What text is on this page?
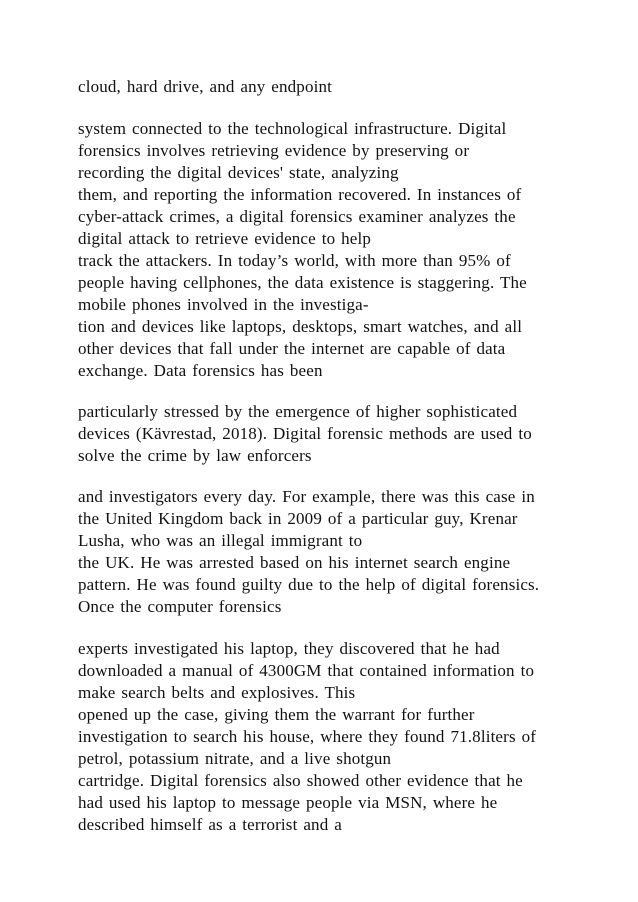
cloud, hard drive, and any endpoint
system connected to the technological infrastructure. Digital
forensics involves retrieving evidence by preserving or
recording the digital devices' state, analyzing
them, and reporting the information recovered. In instances of
cyber-attack crimes, a digital forensics examiner analyzes the
digital attack to retrieve evidence to help
track the attackers. In today’s world, with more than 95% of
people having cellphones, the data existence is staggering. The
mobile phones involved in the investiga-
tion and devices like laptops, desktops, smart watches, and all
other devices that fall under the internet are capable of data
exchange. Data forensics has been
particularly stressed by the emergence of higher sophisticated
devices (Kävrestad, 2018). Digital forensic methods are used to
solve the crime by law enforcers
and investigators every day. For example, there was this case in
the United Kingdom back in 2009 of a particular guy, Krenar
Lusha, who was an illegal immigrant to
the UK. He was arrested based on his internet search engine
pattern. He was found guilty due to the help of digital forensics.
Once the computer forensics
experts investigated his laptop, they discovered that he had
downloaded a manual of 4300GM that contained information to
make search belts and explosives. This
opened up the case, giving them the warrant for further
investigation to search his house, where they found 71.8liters of
petrol, potassium nitrate, and a live shotgun
cartridge. Digital forensics also showed other evidence that he
had used his laptop to message people via MSN, where he
described himself as a terrorist and a
